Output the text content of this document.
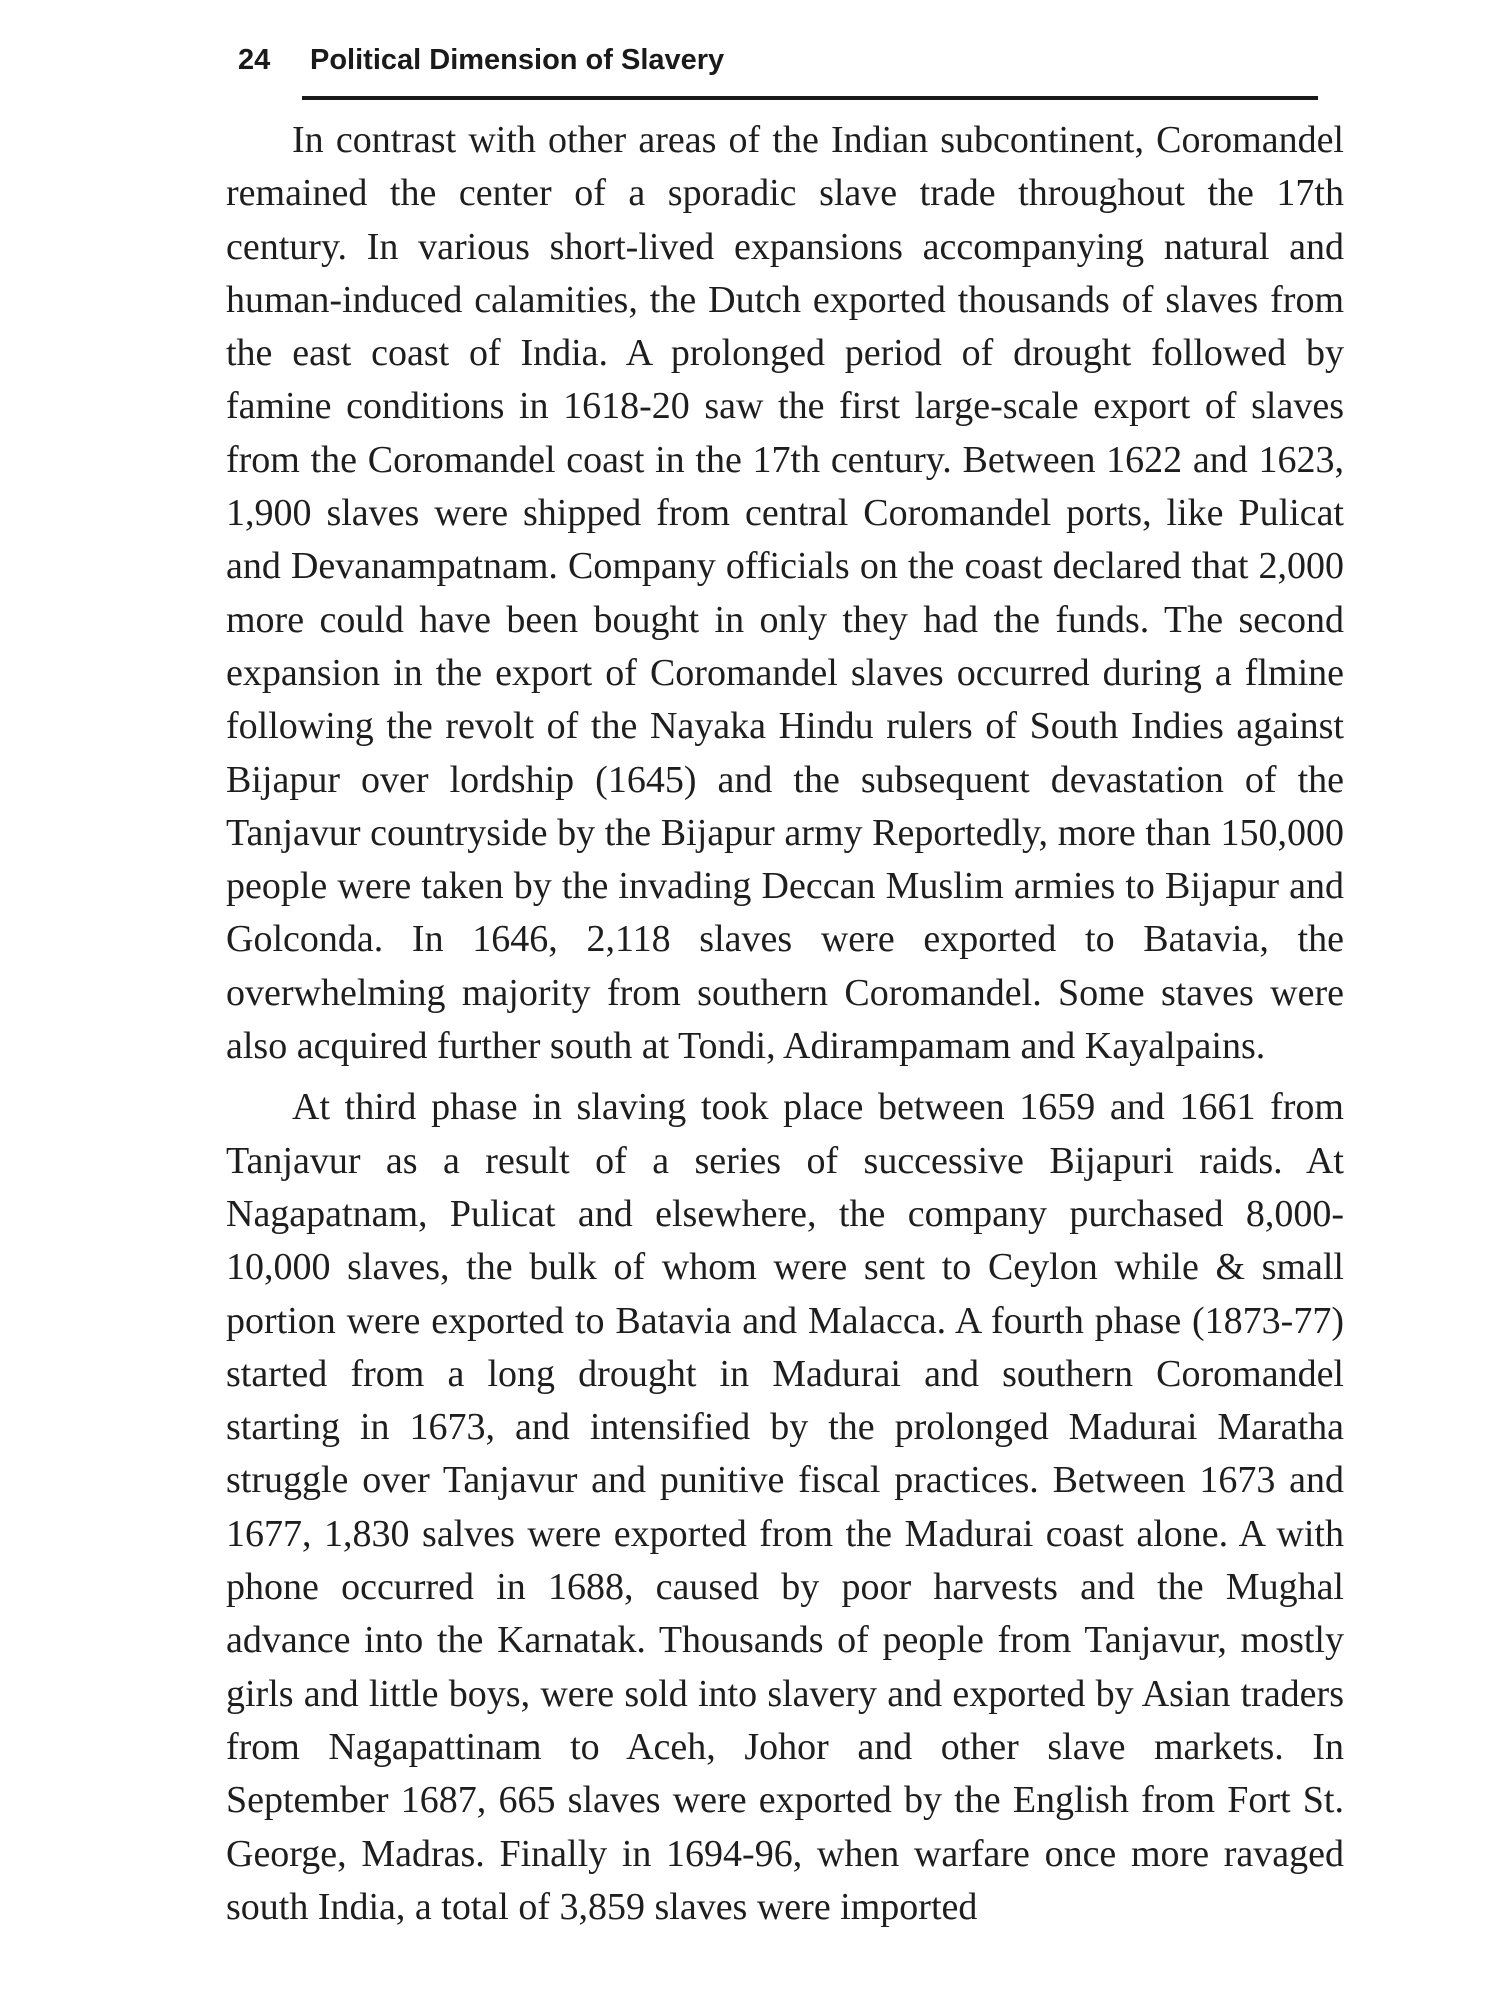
24 Political Dimension of Slavery

In contrast with other areas of the Indian subcontinent, Coromandel remained the center of a sporadic slave trade throughout the 17th century. In various short-lived expansions accompanying natural and human-induced calamities, the Dutch exported thousands of slaves from the east coast of India. A prolonged period of drought followed by famine conditions in 1618-20 saw the first large-scale export of slaves from the Coromandel coast in the 17th century. Between 1622 and 1623, 1,900 slaves were shipped from central Coromandel ports, like Pulicat and Devanampatnam. Company officials on the coast declared that 2,000 more could have been bought in only they had the funds. The second expansion in the export of Coromandel slaves occurred during a flmine following the revolt of the Nayaka Hindu rulers of South Indies against Bijapur over lordship (1645) and the subsequent devastation of the Tanjavur countryside by the Bijapur army Reportedly, more than 150,000 people were taken by the invading Deccan Muslim armies to Bijapur and Golconda. In 1646, 2,118 slaves were exported to Batavia, the overwhelming majority from southern Coromandel. Some staves were also acquired further south at Tondi, Adirampamam and Kayalpains.

At third phase in slaving took place between 1659 and 1661 from Tanjavur as a result of a series of successive Bijapuri raids. At Nagapatnam, Pulicat and elsewhere, the company purchased 8,000-10,000 slaves, the bulk of whom were sent to Ceylon while & small portion were exported to Batavia and Malacca. A fourth phase (1873-77) started from a long drought in Madurai and southern Coromandel starting in 1673, and intensified by the prolonged Madurai Maratha struggle over Tanjavur and punitive fiscal practices. Between 1673 and 1677, 1,830 salves were exported from the Madurai coast alone. A with phone occurred in 1688, caused by poor harvests and the Mughal advance into the Karnatak. Thousands of people from Tanjavur, mostly girls and little boys, were sold into slavery and exported by Asian traders from Nagapattinam to Aceh, Johor and other slave markets. In September 1687, 665 slaves were exported by the English from Fort St. George, Madras. Finally in 1694-96, when warfare once more ravaged south India, a total of 3,859 slaves were imported
